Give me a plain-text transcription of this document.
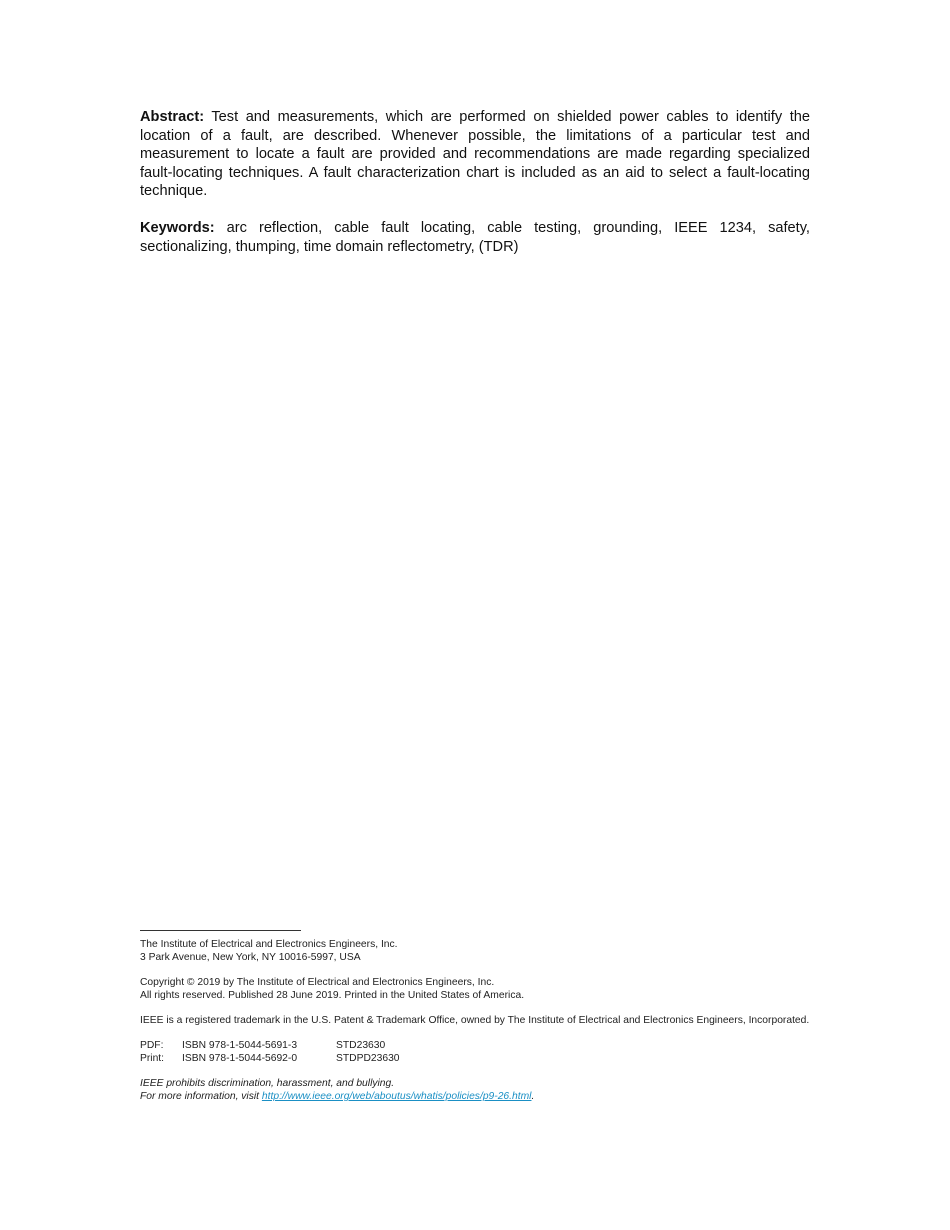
Abstract: Test and measurements, which are performed on shielded power cables to identify the location of a fault, are described. Whenever possible, the limitations of a particular test and measurement to locate a fault are provided and recommendations are made regarding specialized fault-locating techniques. A fault characterization chart is included as an aid to select a fault-locating technique.

Keywords: arc reflection, cable fault locating, cable testing, grounding, IEEE 1234, safety, sectionalizing, thumping, time domain reflectometry, (TDR)

The Institute of Electrical and Electronics Engineers, Inc.

3 Park Avenue, New York, NY 10016-5997, USA

Copyright © 2019 by The Institute of Electrical and Electronics Engineers, Inc.

All rights reserved. Published 28 June 2019. Printed in the United States of America.

IEEE is a registered trademark in the U.S. Patent & Trademark Office, owned by The Institute of Electrical and Electronics Engineers, Incorporated.

PDF:	ISBN 978-1-5044-5691-3	STD23630
Print:	ISBN 978-1-5044-5692-0	STDPD23630

IEEE prohibits discrimination, harassment, and bullying.

For more information, visit http://www.ieee.org/web/aboutus/whatis/policies/p9-26.html.
